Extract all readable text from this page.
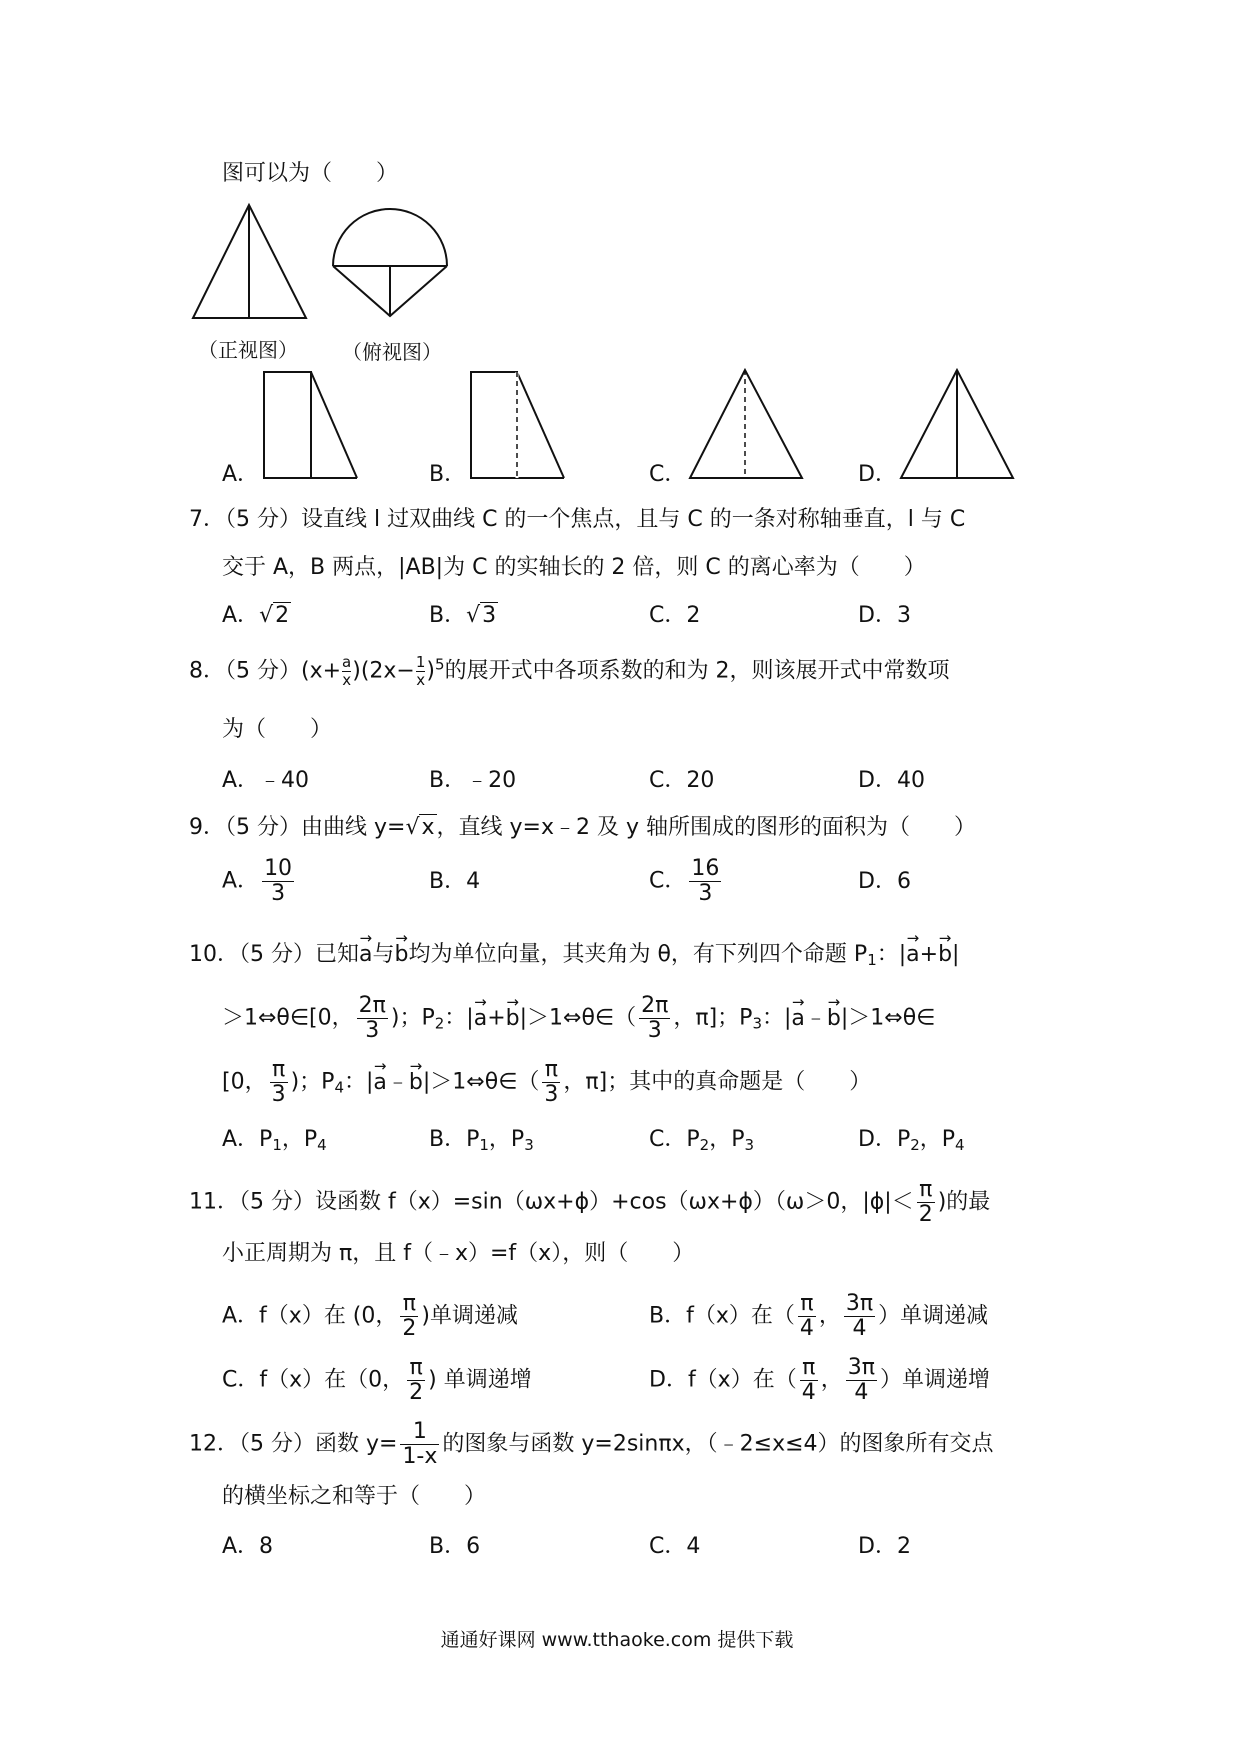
图可以为（　　）
（正视图） （俯视图）
A．	B．	C．	D．
7．（5 分）设直线 l 过双曲线 C 的一个焦点，且与 C 的一条对称轴垂直，l 与 C
交于 A，B 两点，|AB|为 C 的实轴长的 2 倍，则 C 的离心率为（　　）
A．√2	B．√3	C．2	D．3
8．（5 分）$(x+ \frac{a}{x} )(2x- \frac{1}{x} )^5$的展开式中各项系数的和为 2，则该展开式中常数项
为（　　）
A．﹣40	B．﹣20	C．20	D．40
9．（5 分）由曲线 y=√x，直线 y=x﹣2 及 y 轴所围成的图形的面积为（　　）
A． $\frac{10}{3}$	B．4	C． $\frac{16}{3}$	D．6
10．（5 分）已知→ a与→ b均为单位向量，其夹角为 θ，有下列四个命题 $P_1$：|→ a+→ b|
＞1⇔θ∈[0， $\frac{2\pi}{3}$ )；$P_2$：|→ a+→ b|＞1⇔θ∈（ $\frac{2\pi}{3}$ ，π]；$P_3$：|→ a﹣→ b|＞1⇔θ∈
[0， $\frac{\pi}{3}$ )；$P_4$：|→ a﹣→ b|＞1⇔θ∈（ $\frac{\pi}{3}$ ，π]；其中的真命题是（　　）
A．$P_1$，$P_4$	B．$P_1$，$P_3$	C．$P_2$，$P_3$	D．$P_2$，$P_4$
11．（5 分）设函数 f（x）=sin（ωx+ϕ）+cos（ωx+ϕ）（ω＞0，$|\phi|< \frac{\pi}{2}$ )的最
小正周期为 π，且 f（﹣x）=f（x），则（　　）
A．f（x）在 (0， $\frac{\pi}{2}$ )单调递减	B．f（x）在（ $\frac{\pi}{4}$ ， $\frac{3\pi}{4}$ ）单调递减
C．f（x）在（0， $\frac{\pi}{2}$ ) 单调递增	D．f（x）在（ $\frac{\pi}{4}$ ， $\frac{3\pi}{4}$ ）单调递增
12．（5 分）函数 $y= \frac{1}{1-x}$ 的图象与函数 y=2sinπx，（﹣2≤x≤4）的图象所有交点
的横坐标之和等于（　　）
A．8	B．6	C．4	D．2
通通好课网 www.tthaoke.com 提供下载
